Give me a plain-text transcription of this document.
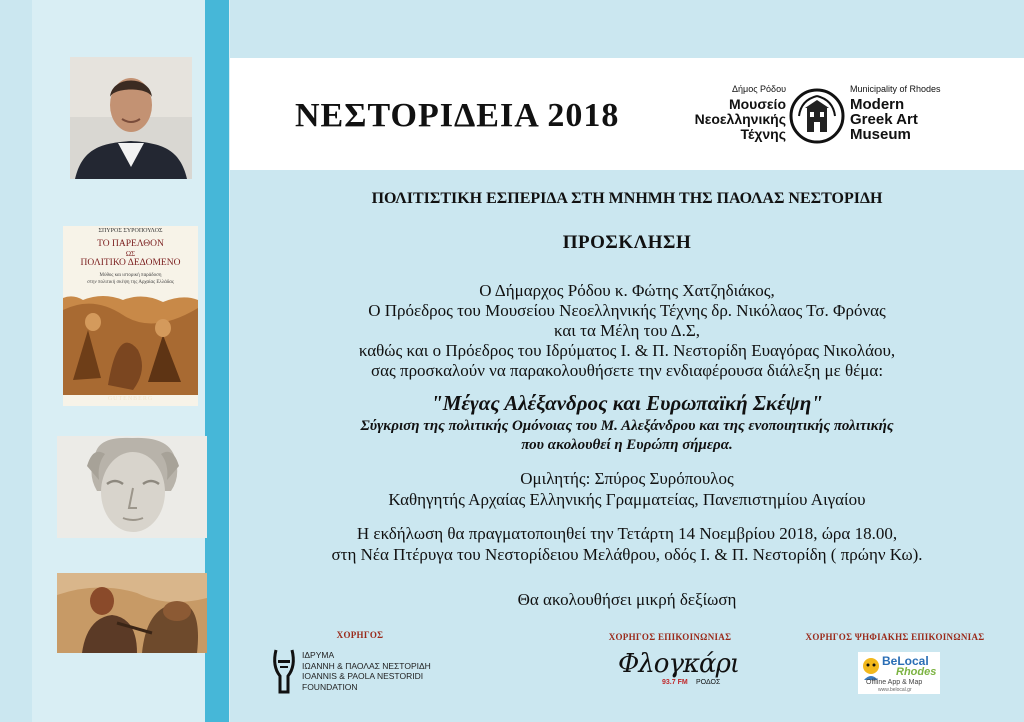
ΣΠΥΡΟΣ ΣΥΡΟΠΟΥΛΟΣ
ΤΟ ΠΑΡΕΛΘΟΝ
ΩΣ
ΠΟΛΙΤΙΚΟ ΔΕΔΟΜΕΝΟ
Μύθος και ιστορική παράδοση
στην πολιτική σκέψη της Αρχαίας Ελλάδας
GUTENBERG
ΝΕΣΤΟΡΙΔΕΙΑ 2018
Δήμος Ρόδου
Μουσείο
Νεοελληνικής
Τέχνης
Municipality of Rhodes
Modern
Greek Art
Museum
ΠΟΛΙΤΙΣΤΙΚΗ ΕΣΠΕΡΙΔΑ ΣΤΗ ΜΝΗΜΗ ΤΗΣ ΠΑΟΛΑΣ ΝΕΣΤΟΡΙΔΗ
ΠΡΟΣΚΛΗΣΗ
Ο Δήμαρχος Ρόδου κ. Φώτης Χατζηδιάκος,
Ο Πρόεδρος του Μουσείου Νεοελληνικής Τέχνης δρ. Νικόλαος Τσ. Φρόνας
και τα Μέλη του Δ.Σ,
καθώς και ο Πρόεδρος του Ιδρύματος Ι. & Π. Νεστορίδη Ευαγόρας Νικολάου,
σας προσκαλούν να παρακολουθήσετε την ενδιαφέρουσα διάλεξη με θέμα:
"Μέγας Αλέξανδρος και Ευρωπαϊκή Σκέψη"
Σύγκριση της πολιτικής Ομόνοιας του Μ. Αλεξάνδρου και της ενοποιητικής πολιτικής
που ακολουθεί η Ευρώπη σήμερα.
Ομιλητής: Σπύρος Συρόπουλος
Καθηγητής Αρχαίας Ελληνικής Γραμματείας, Πανεπιστημίου Αιγαίου
Η εκδήλωση θα πραγματοποιηθεί την Τετάρτη 14 Νοεμβρίου 2018, ώρα 18.00,
στη Νέα Πτέρυγα του Νεστορίδειου Μελάθρου, οδός Ι. & Π. Νεστορίδη ( πρώην Κω).
Θα ακολουθήσει μικρή δεξίωση
ΧΟΡΗΓΟΣ	ΧΟΡΗΓΟΣ ΕΠΙΚΟΙΝΩΝΙΑΣ	ΧΟΡΗΓΟΣ ΨΗΦΙΑΚΗΣ ΕΠΙΚΟΙΝΩΝΙΑΣ
ΙΔΡΥΜΑ
ΙΩΑΝΝΗ & ΠΑΟΛΑΣ ΝΕΣΤΟΡΙΔΗ
IOANNIS & PAOLA NESTORIDI
FOUNDATION
Φλογκάρι
93.7 FM ΡΟΔΟΣ
BeLocal
Rhodes
Offline App & Map
www.belocal.gr
